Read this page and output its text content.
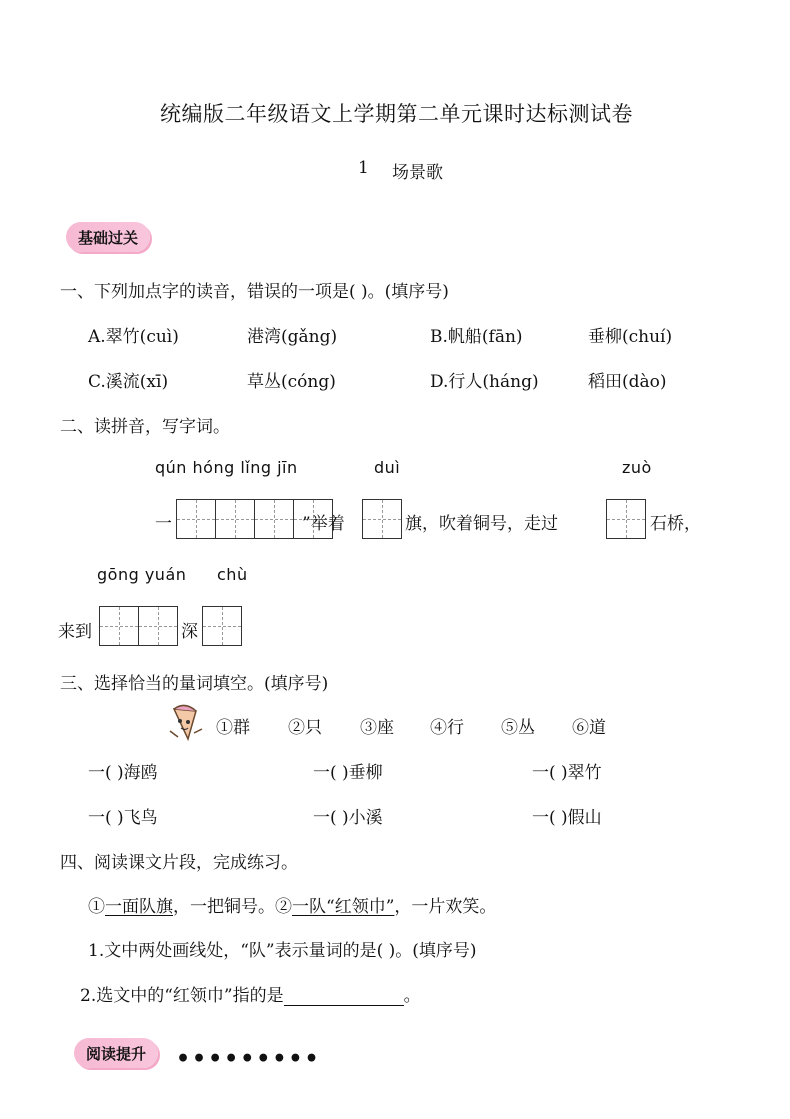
统编版二年级语文上学期第二单元课时达标测试卷
1 场景歌
基础过关
一、下列加点字的读音，错误的一项是( )。(填序号)
A.翠竹(cuì)	港湾(gǎng)	B.帆船(fān)	垂柳(chuí)
C.溪流(xī)	草丛(cóng)	D.行人(háng)	稻田(dào)
二、读拼音，写字词。
qún hóng lǐng jīn	duì	zuò
一	”举着	旗，吹着铜号，走过	石桥，
gōng yuán chù
来到	深
三、选择恰当的量词填空。(填序号)
①群 ②只 ③座 ④行 ⑤丛 ⑥道
一( )海鸥	一( )垂柳	一( )翠竹
一( )飞鸟	一( )小溪	一( )假山
四、阅读课文片段，完成练习。
①一面队旗，一把铜号。②一队“红领巾”，一片欢笑。
1.文中两处画线处，“队”表示量词的是( )。(填序号)
2.选文中的“红领巾”指的是	。
阅读提升 •••••••••
